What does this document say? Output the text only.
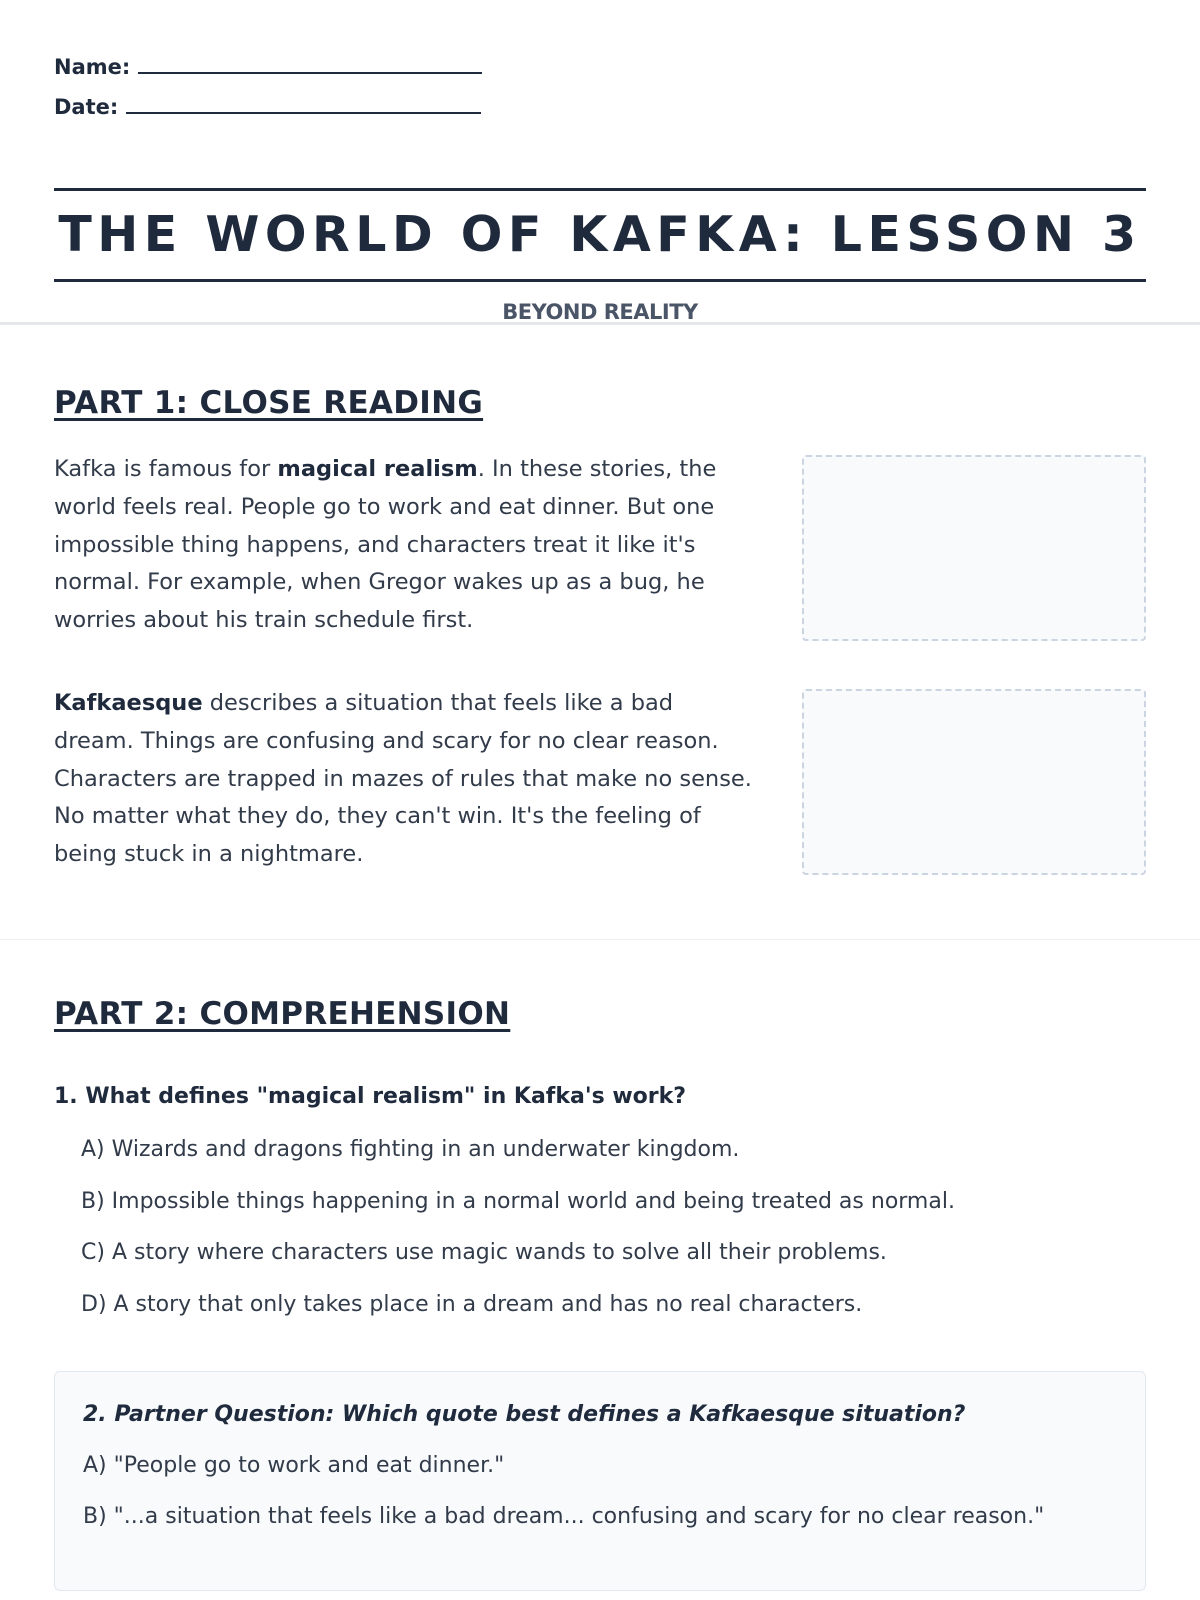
Name:
Date:
THE WORLD OF KAFKA: LESSON 3
BEYOND REALITY
PART 1: CLOSE READING
Kafka is famous for magical realism. In these stories, the world feels real. People go to work and eat dinner. But one impossible thing happens, and characters treat it like it's normal. For example, when Gregor wakes up as a bug, he worries about his train schedule first.
Kafkaesque describes a situation that feels like a bad dream. Things are confusing and scary for no clear reason. Characters are trapped in mazes of rules that make no sense. No matter what they do, they can't win. It's the feeling of being stuck in a nightmare.
PART 2: COMPREHENSION
1. What defines "magical realism" in Kafka's work?
A) Wizards and dragons fighting in an underwater kingdom.
B) Impossible things happening in a normal world and being treated as normal.
C) A story where characters use magic wands to solve all their problems.
D) A story that only takes place in a dream and has no real characters.
2. Partner Question: Which quote best defines a Kafkaesque situation?
A) "People go to work and eat dinner."
B) "...a situation that feels like a bad dream... confusing and scary for no clear reason."
